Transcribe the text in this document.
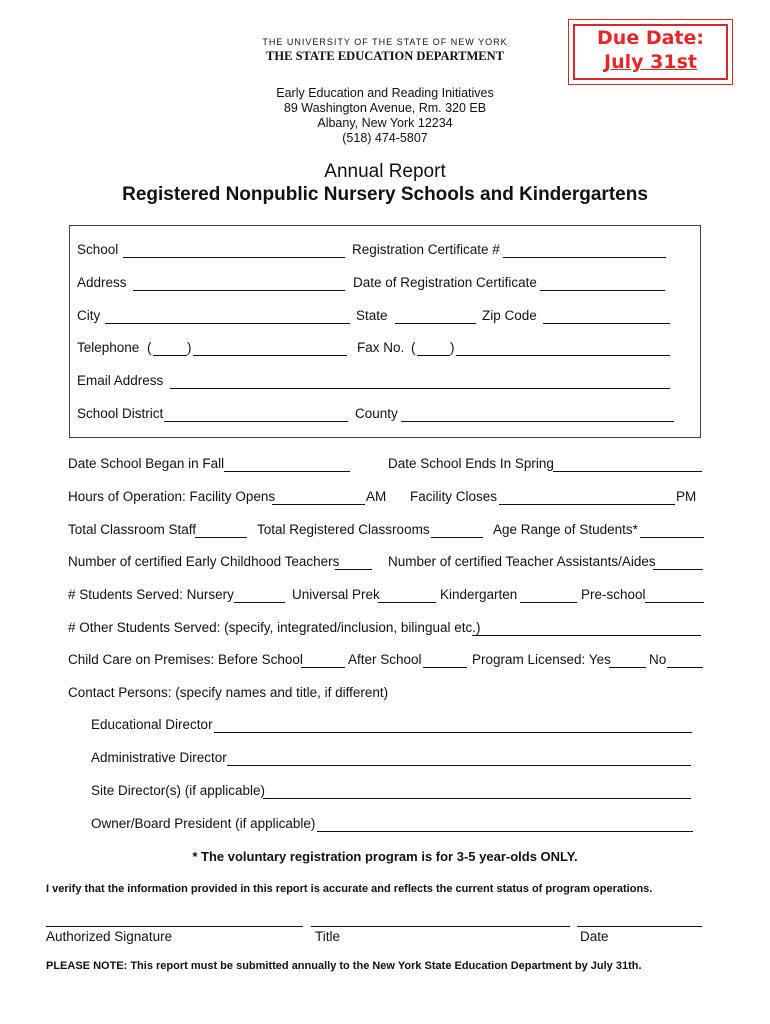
THE UNIVERSITY OF THE STATE OF NEW YORK
THE STATE EDUCATION DEPARTMENT
Due Date:
July 31st
Early Education and Reading Initiatives
89 Washington Avenue, Rm. 320 EB
Albany, New York 12234
(518) 474-5807
Annual Report
Registered Nonpublic Nursery Schools and Kindergartens
School	Registration Certificate #
Address	Date of Registration Certificate
City	State	Zip Code
Telephone (	)	Fax No. (	)
Email Address
School District	County
Date School Began in Fall	Date School Ends In Spring
Hours of Operation: Facility Opens	AM Facility Closes	PM
Total Classroom Staff	Total Registered Classrooms	Age Range of Students*
Number of certified Early Childhood Teachers	Number of certified Teacher Assistants/Aides
# Students Served: Nursery	Universal Prek	Kindergarten	Pre-school
# Other Students Served: (specify, integrated/inclusion, bilingual etc.)
Child Care on Premises: Before School	After School	Program Licensed: Yes	No
Contact Persons: (specify names and title, if different)
Educational Director
Administrative Director
Site Director(s) (if applicable)
Owner/Board President (if applicable)
* The voluntary registration program is for 3-5 year-olds ONLY.
I verify that the information provided in this report is accurate and reflects the current status of program operations.
Authorized Signature	Title	Date
PLEASE NOTE: This report must be submitted annually to the New York State Education Department by July 31th.
